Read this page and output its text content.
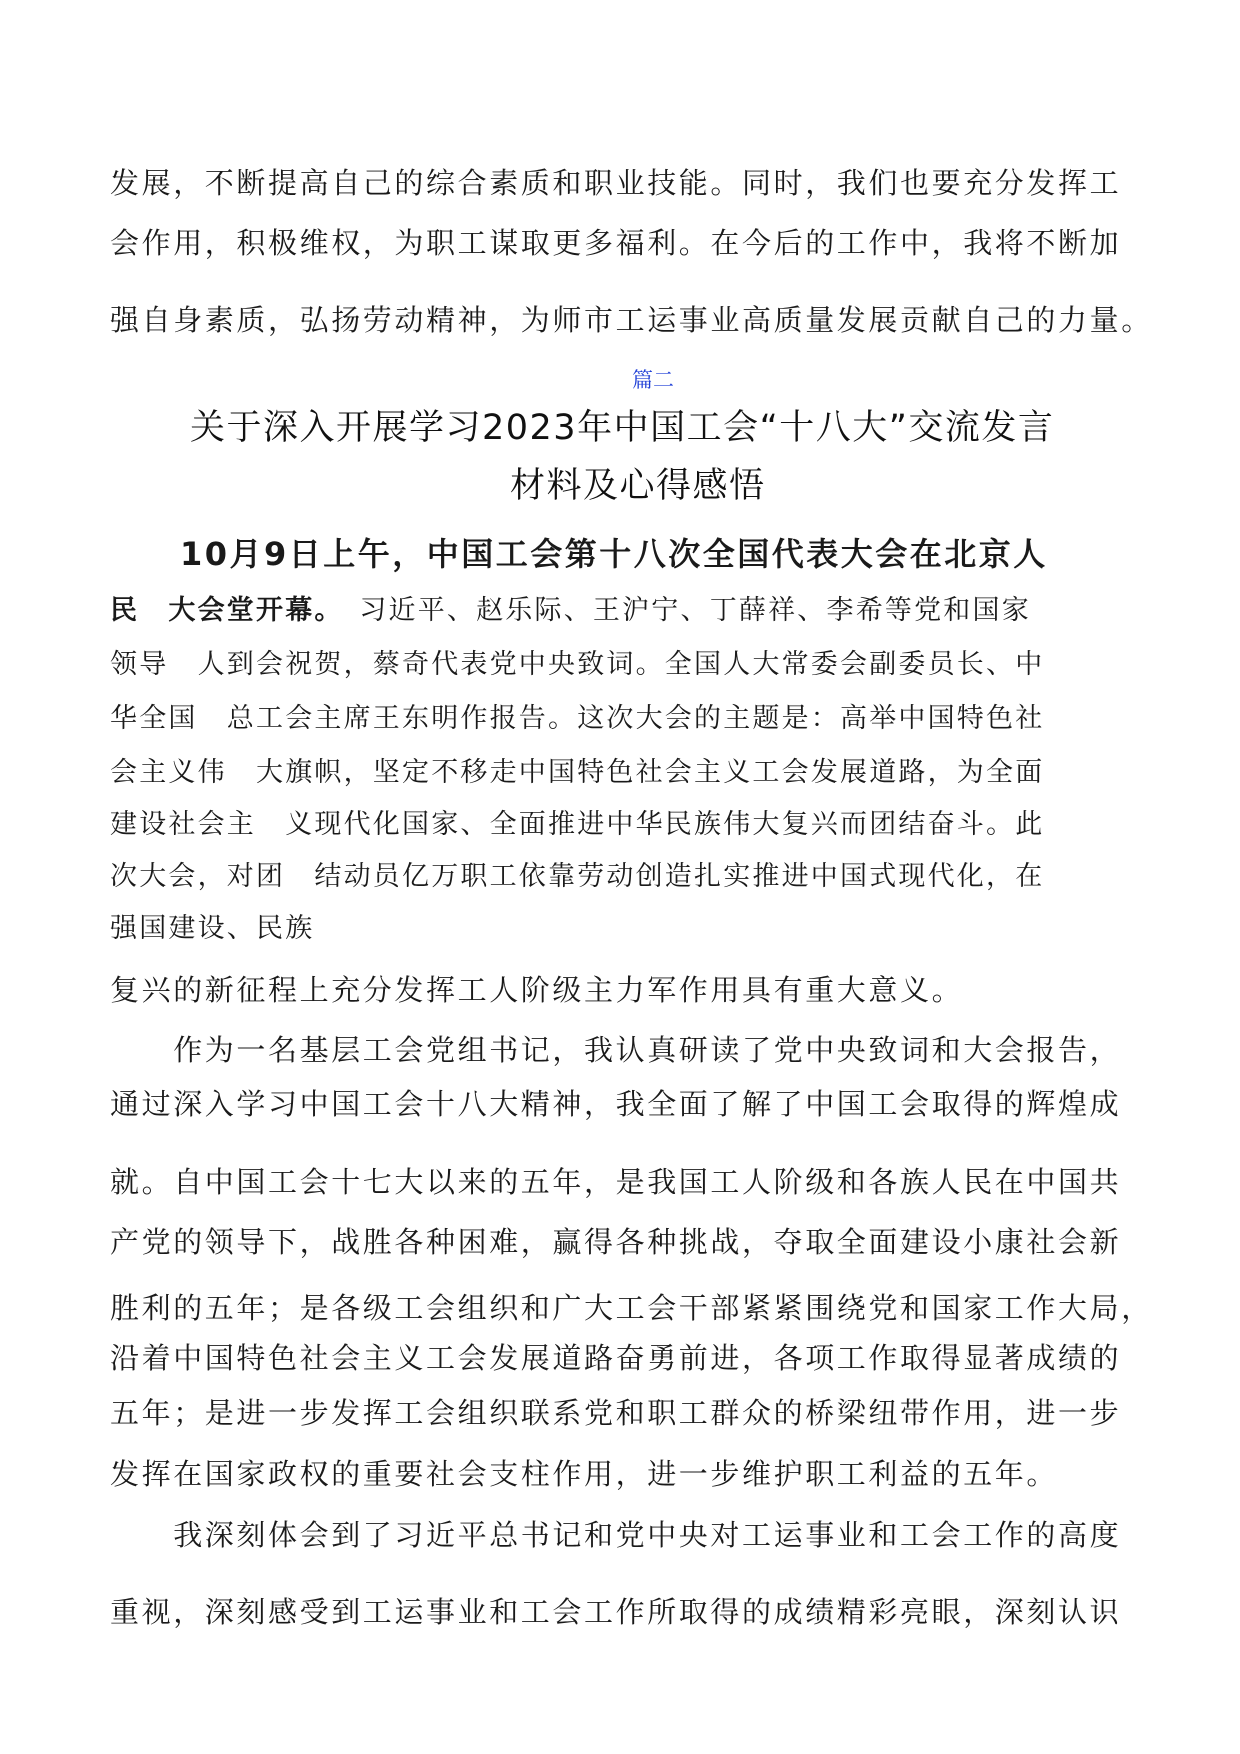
发展，不断提高自己的综合素质和职业技能。同时，我们也要充分发挥工
会作用，积极维权，为职工谋取更多福利。在今后的工作中，我将不断加
强自身素质，弘扬劳动精神，为师市工运事业高质量发展贡献自己的力量。
篇二
关于深入开展学习2023年中国工会“十八大”交流发言
材料及心得感悟
10月9日上午，中国工会第十八次全国代表大会在北京人
民　大会堂开幕。　习近平、赵乐际、王沪宁、丁薛祥、李希等党和国家
领导　人到会祝贺，蔡奇代表党中央致词。全国人大常委会副委员长、中
华全国　总工会主席王东明作报告。这次大会的主题是：高举中国特色社
会主义伟　大旗帜，坚定不移走中国特色社会主义工会发展道路，为全面
建设社会主　义现代化国家、全面推进中华民族伟大复兴而团结奋斗。此
次大会，对团　结动员亿万职工依靠劳动创造扎实推进中国式现代化，在
强国建设、民族
复兴的新征程上充分发挥工人阶级主力军作用具有重大意义。
　　作为一名基层工会党组书记，我认真研读了党中央致词和大会报告，
通过深入学习中国工会十八大精神，我全面了解了中国工会取得的辉煌成
就。自中国工会十七大以来的五年，是我国工人阶级和各族人民在中国共
产党的领导下，战胜各种困难，赢得各种挑战，夺取全面建设小康社会新
胜利的五年；是各级工会组织和广大工会干部紧紧围绕党和国家工作大局，
沿着中国特色社会主义工会发展道路奋勇前进，各项工作取得显著成绩的
五年；是进一步发挥工会组织联系党和职工群众的桥梁纽带作用，进一步
发挥在国家政权的重要社会支柱作用，进一步维护职工利益的五年。
　　我深刻体会到了习近平总书记和党中央对工运事业和工会工作的高度
重视，深刻感受到工运事业和工会工作所取得的成绩精彩亮眼，深刻认识
